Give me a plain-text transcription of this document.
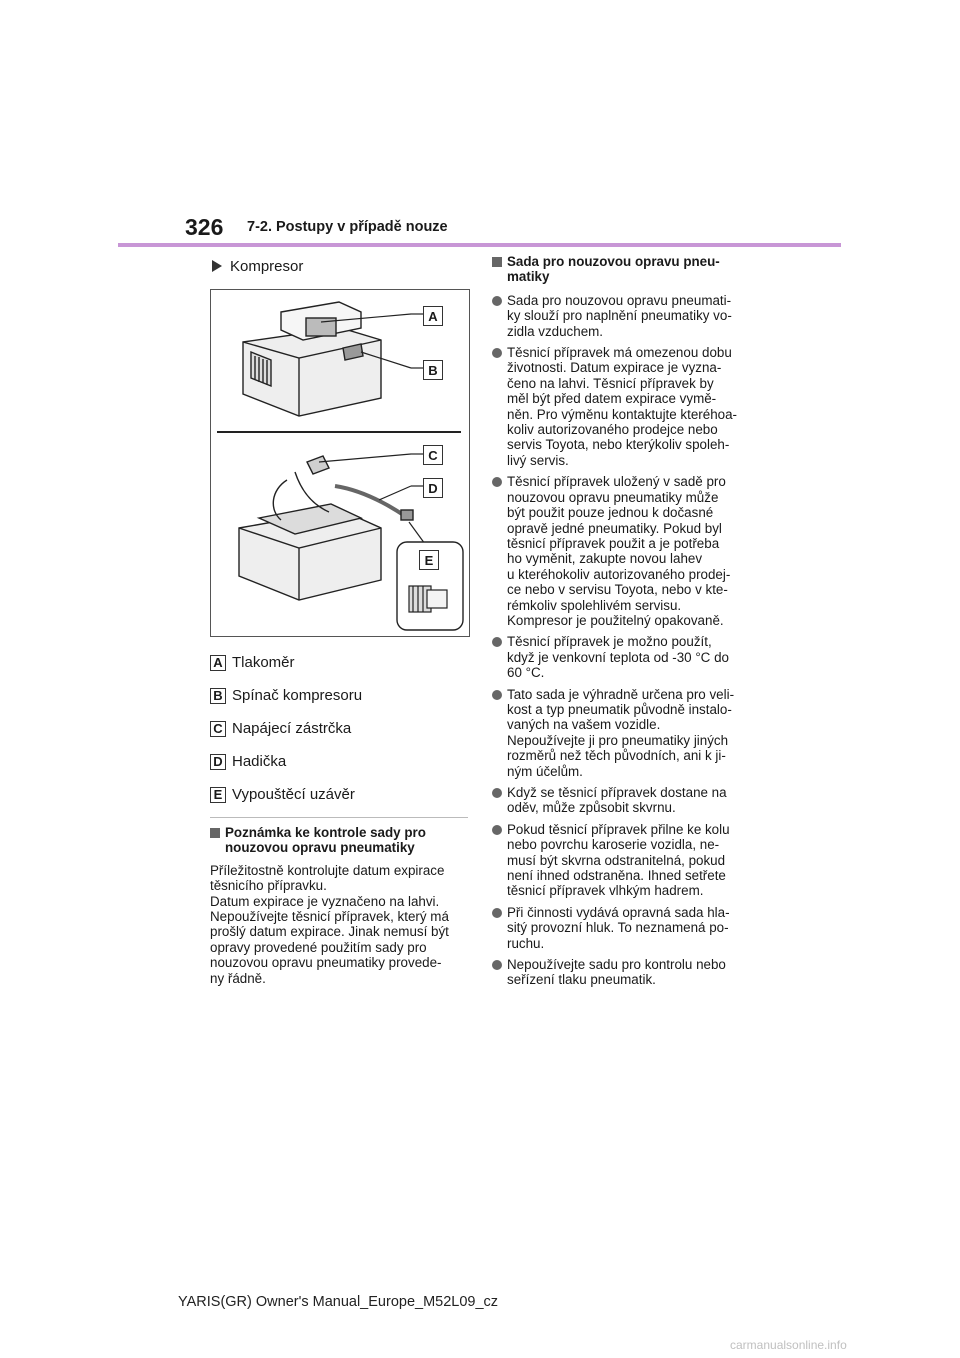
326 7-2. Postupy v případě nouze
Kompresor
A
B
C
D
E
A Tlakoměr
B Spínač kompresoru
C Napájecí zástrčka
D Hadička
E Vypouštěcí uzávěr
Poznámka ke kontrole sady pro
nouzovou opravu pneumatiky
Příležitostně kontrolujte datum expirace
těsnicího přípravku.
Datum expirace je vyznačeno na lahvi.
Nepoužívejte těsnicí přípravek, který má
prošlý datum expirace. Jinak nemusí být
opravy provedené použitím sady pro
nouzovou opravu pneumatiky provede-
ny řádně.
Sada pro nouzovou opravu pneu-
matiky
Sada pro nouzovou opravu pneumati-
ky slouží pro naplnění pneumatiky vo-
zidla vzduchem.
Těsnicí přípravek má omezenou dobu
životnosti. Datum expirace je vyzna-
čeno na lahvi. Těsnicí přípravek by
měl být před datem expirace vymě-
něn. Pro výměnu kontaktujte kteréhoa-
koliv autorizovaného prodejce nebo
servis Toyota, nebo kterýkoliv spoleh-
livý servis.
Těsnicí přípravek uložený v sadě pro
nouzovou opravu pneumatiky může
být použit pouze jednou k dočasné
opravě jedné pneumatiky. Pokud byl
těsnicí přípravek použit a je potřeba
ho vyměnit, zakupte novou lahev
u kteréhokoliv autorizovaného prodej-
ce nebo v servisu Toyota, nebo v kte-
rémkoliv spolehlivém servisu.
Kompresor je použitelný opakovaně.
Těsnicí přípravek je možno použít,
když je venkovní teplota od -30 °C do
60 °C.
Tato sada je výhradně určena pro veli-
kost a typ pneumatik původně instalo-
vaných na vašem vozidle.
Nepoužívejte ji pro pneumatiky jiných
rozměrů než těch původních, ani k ji-
ným účelům.
Když se těsnicí přípravek dostane na
oděv, může způsobit skvrnu.
Pokud těsnicí přípravek přilne ke kolu
nebo povrchu karoserie vozidla, ne-
musí být skvrna odstranitelná, pokud
není ihned odstraněna. Ihned setřete
těsnicí přípravek vlhkým hadrem.
Při činnosti vydává opravná sada hla-
sitý provozní hluk. To neznamená po-
ruchu.
Nepoužívejte sadu pro kontrolu nebo
seřízení tlaku pneumatik.
YARIS(GR) Owner's Manual_Europe_M52L09_cz
carmanualsonline.info
